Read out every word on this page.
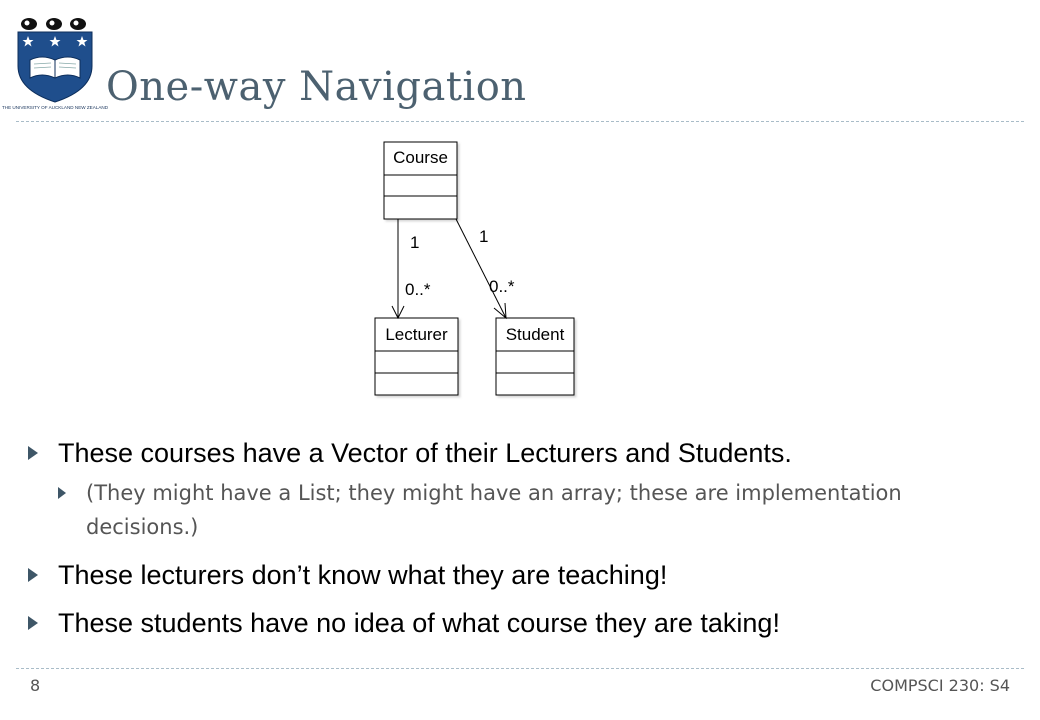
THE UNIVERSITY OF AUCKLAND NEW ZEALAND
One-way Navigation
Course
Lecturer	Student
1
0..*
1
0..*
These courses have a Vector of their Lecturers and Students.
(They might have a List; they might have an array; these are implementation decisions.)
These lecturers don’t know what they are teaching!
These students have no idea of what course they are taking!
8	COMPSCI 230: S4
